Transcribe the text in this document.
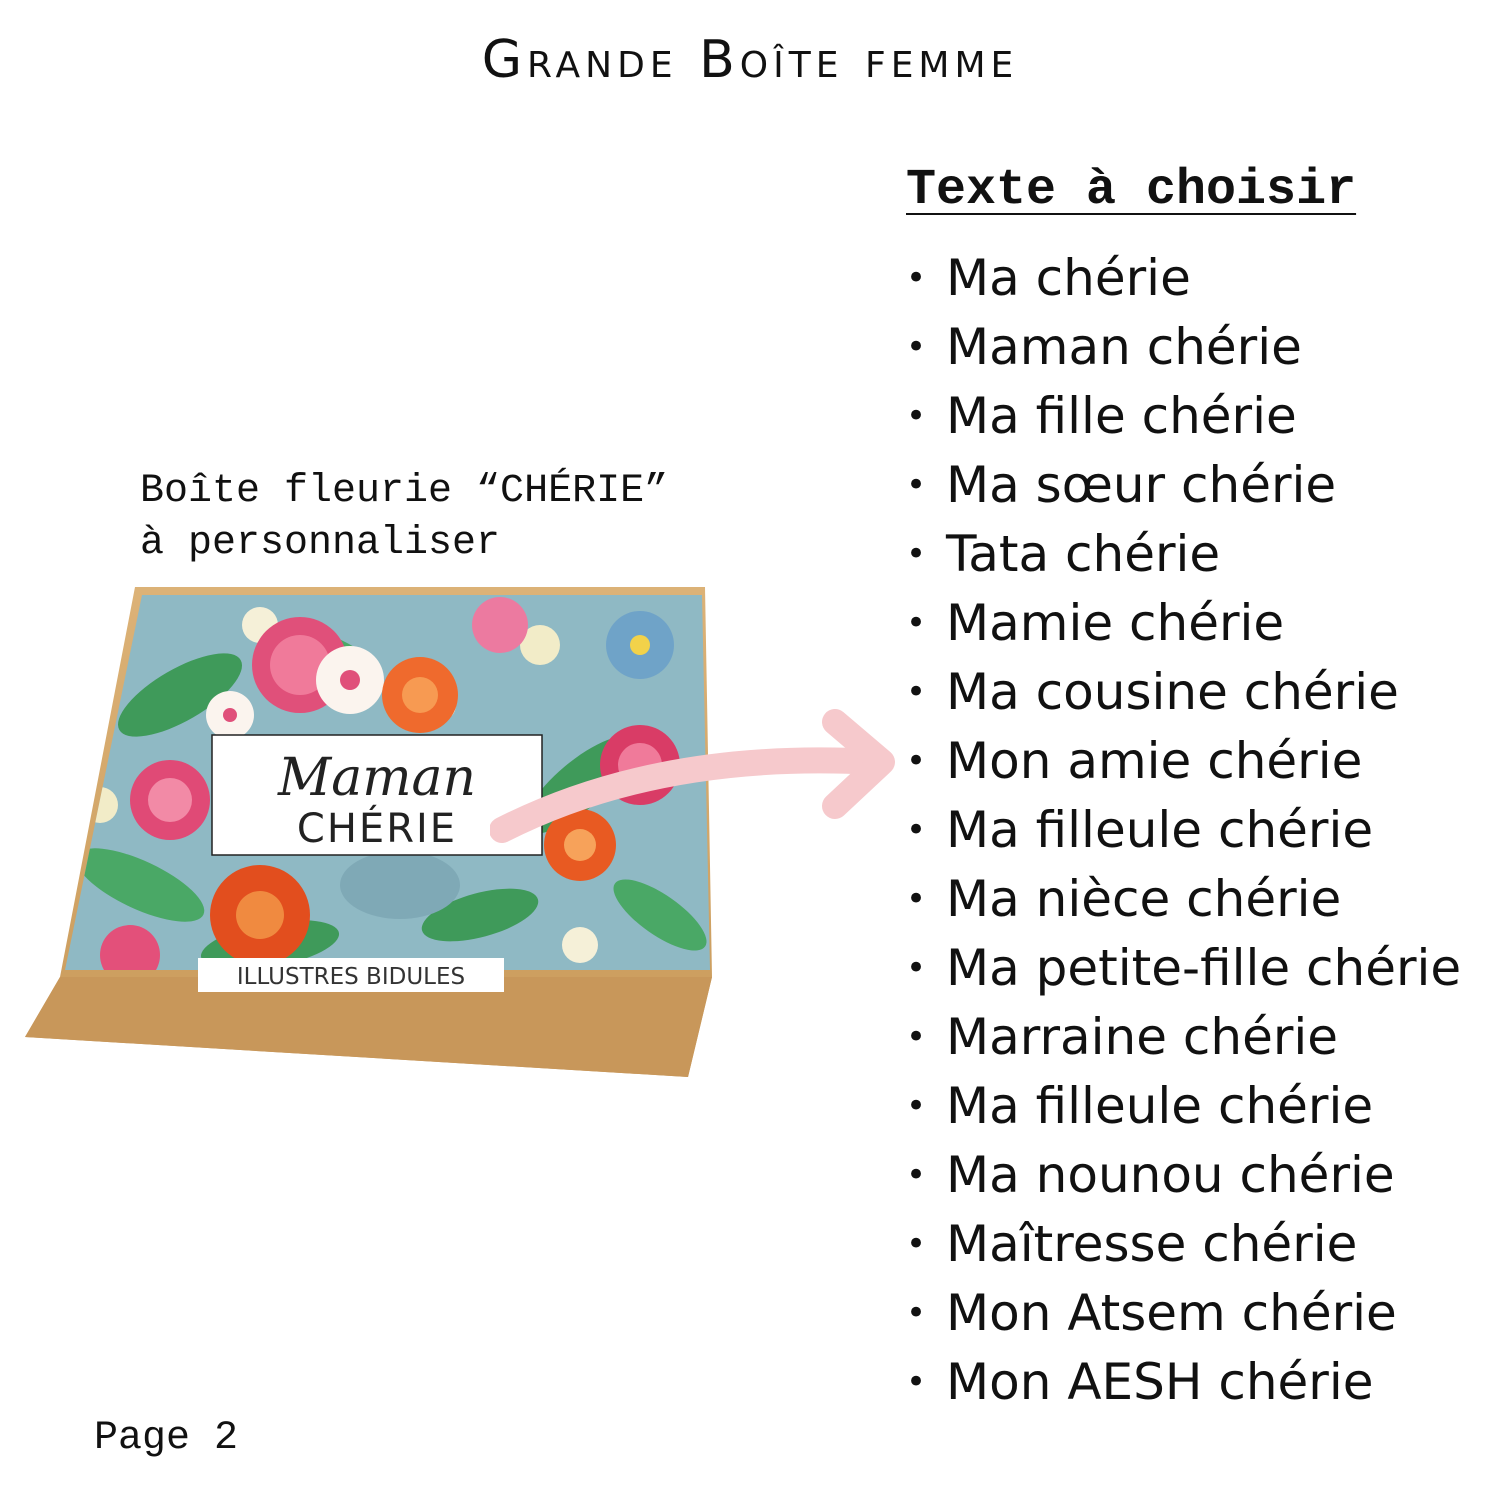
Grande Boîte femme
Boîte fleurie “CHÉRIE”
à personnaliser
Maman
CHÉRIE
ILLUSTRES BIDULES
Texte à choisir
• Ma chérie
• Maman chérie
• Ma fille chérie
• Ma sœur chérie
• Tata chérie
• Mamie chérie
• Ma cousine chérie
• Mon amie chérie
• Ma filleule chérie
• Ma nièce chérie
• Ma petite-fille chérie
• Marraine chérie
• Ma filleule chérie
• Ma nounou chérie
• Maîtresse chérie
• Mon Atsem chérie
• Mon AESH chérie
Page 2
